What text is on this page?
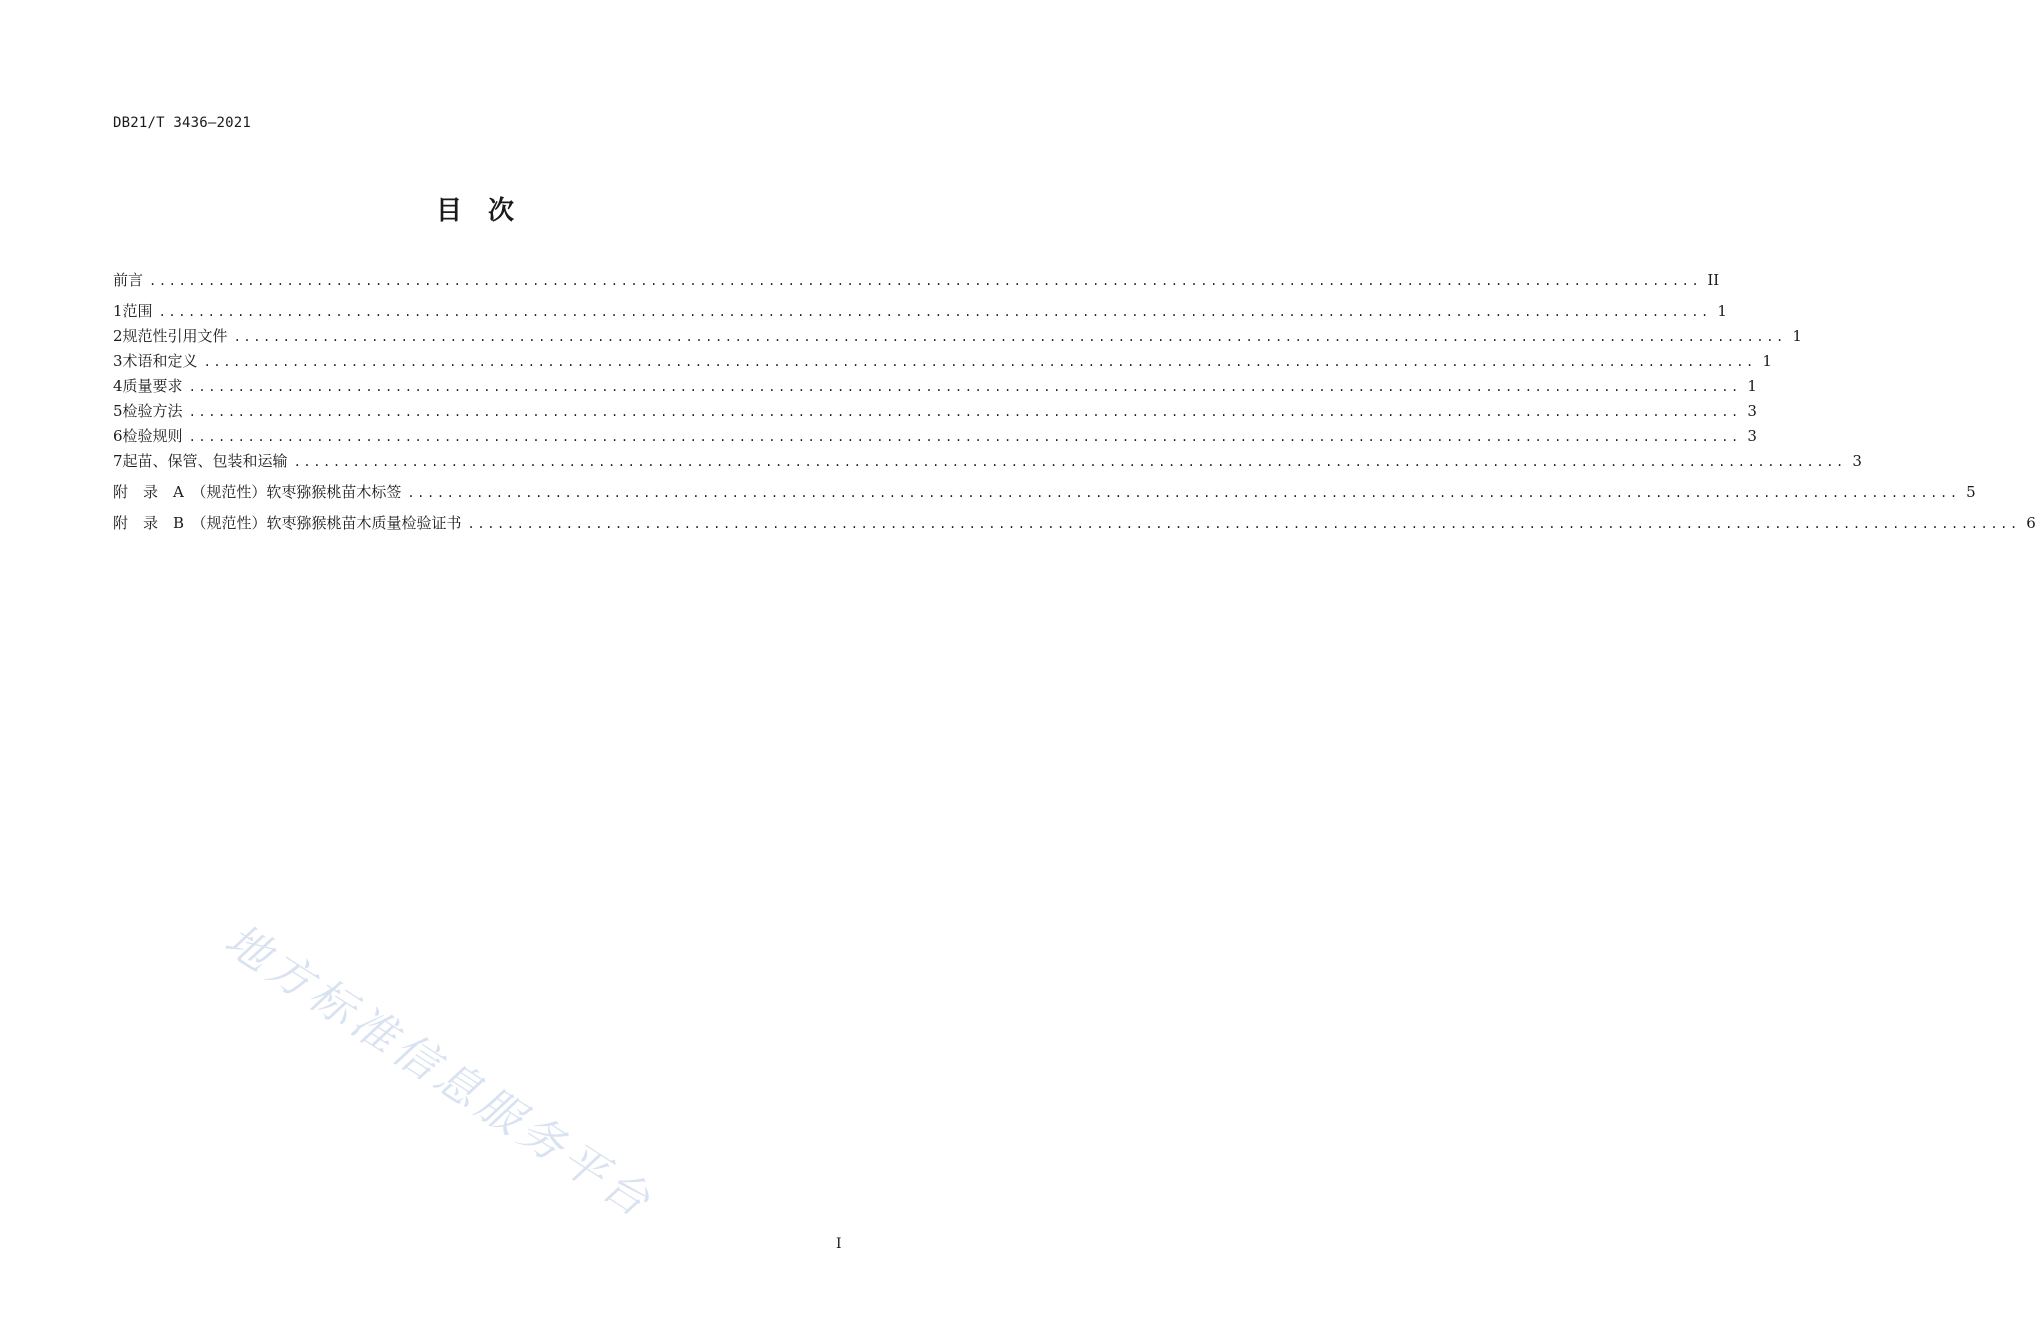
DB21/T 3436—2021
目　次
前言 .............................................................................................................................................................. II
1 范围 .............................................................................................................................................................. 1
2 规范性引用文件 .............................................................................................................................................................. 1
3 术语和定义 .............................................................................................................................................................. 1
4 质量要求 .............................................................................................................................................................. 1
5 检验方法 .............................................................................................................................................................. 3
6 检验规则 .............................................................................................................................................................. 3
7 起苗、保管、包装和运输 .............................................................................................................................................................. 3
附　录　A　（规范性） 软枣猕猴桃苗木标签 .............................................................................................................................................................. 5
附　录　B　（规范性） 软枣猕猴桃苗木质量检验证书 .............................................................................................................................................................. 6
地方标准信息服务平台
I
